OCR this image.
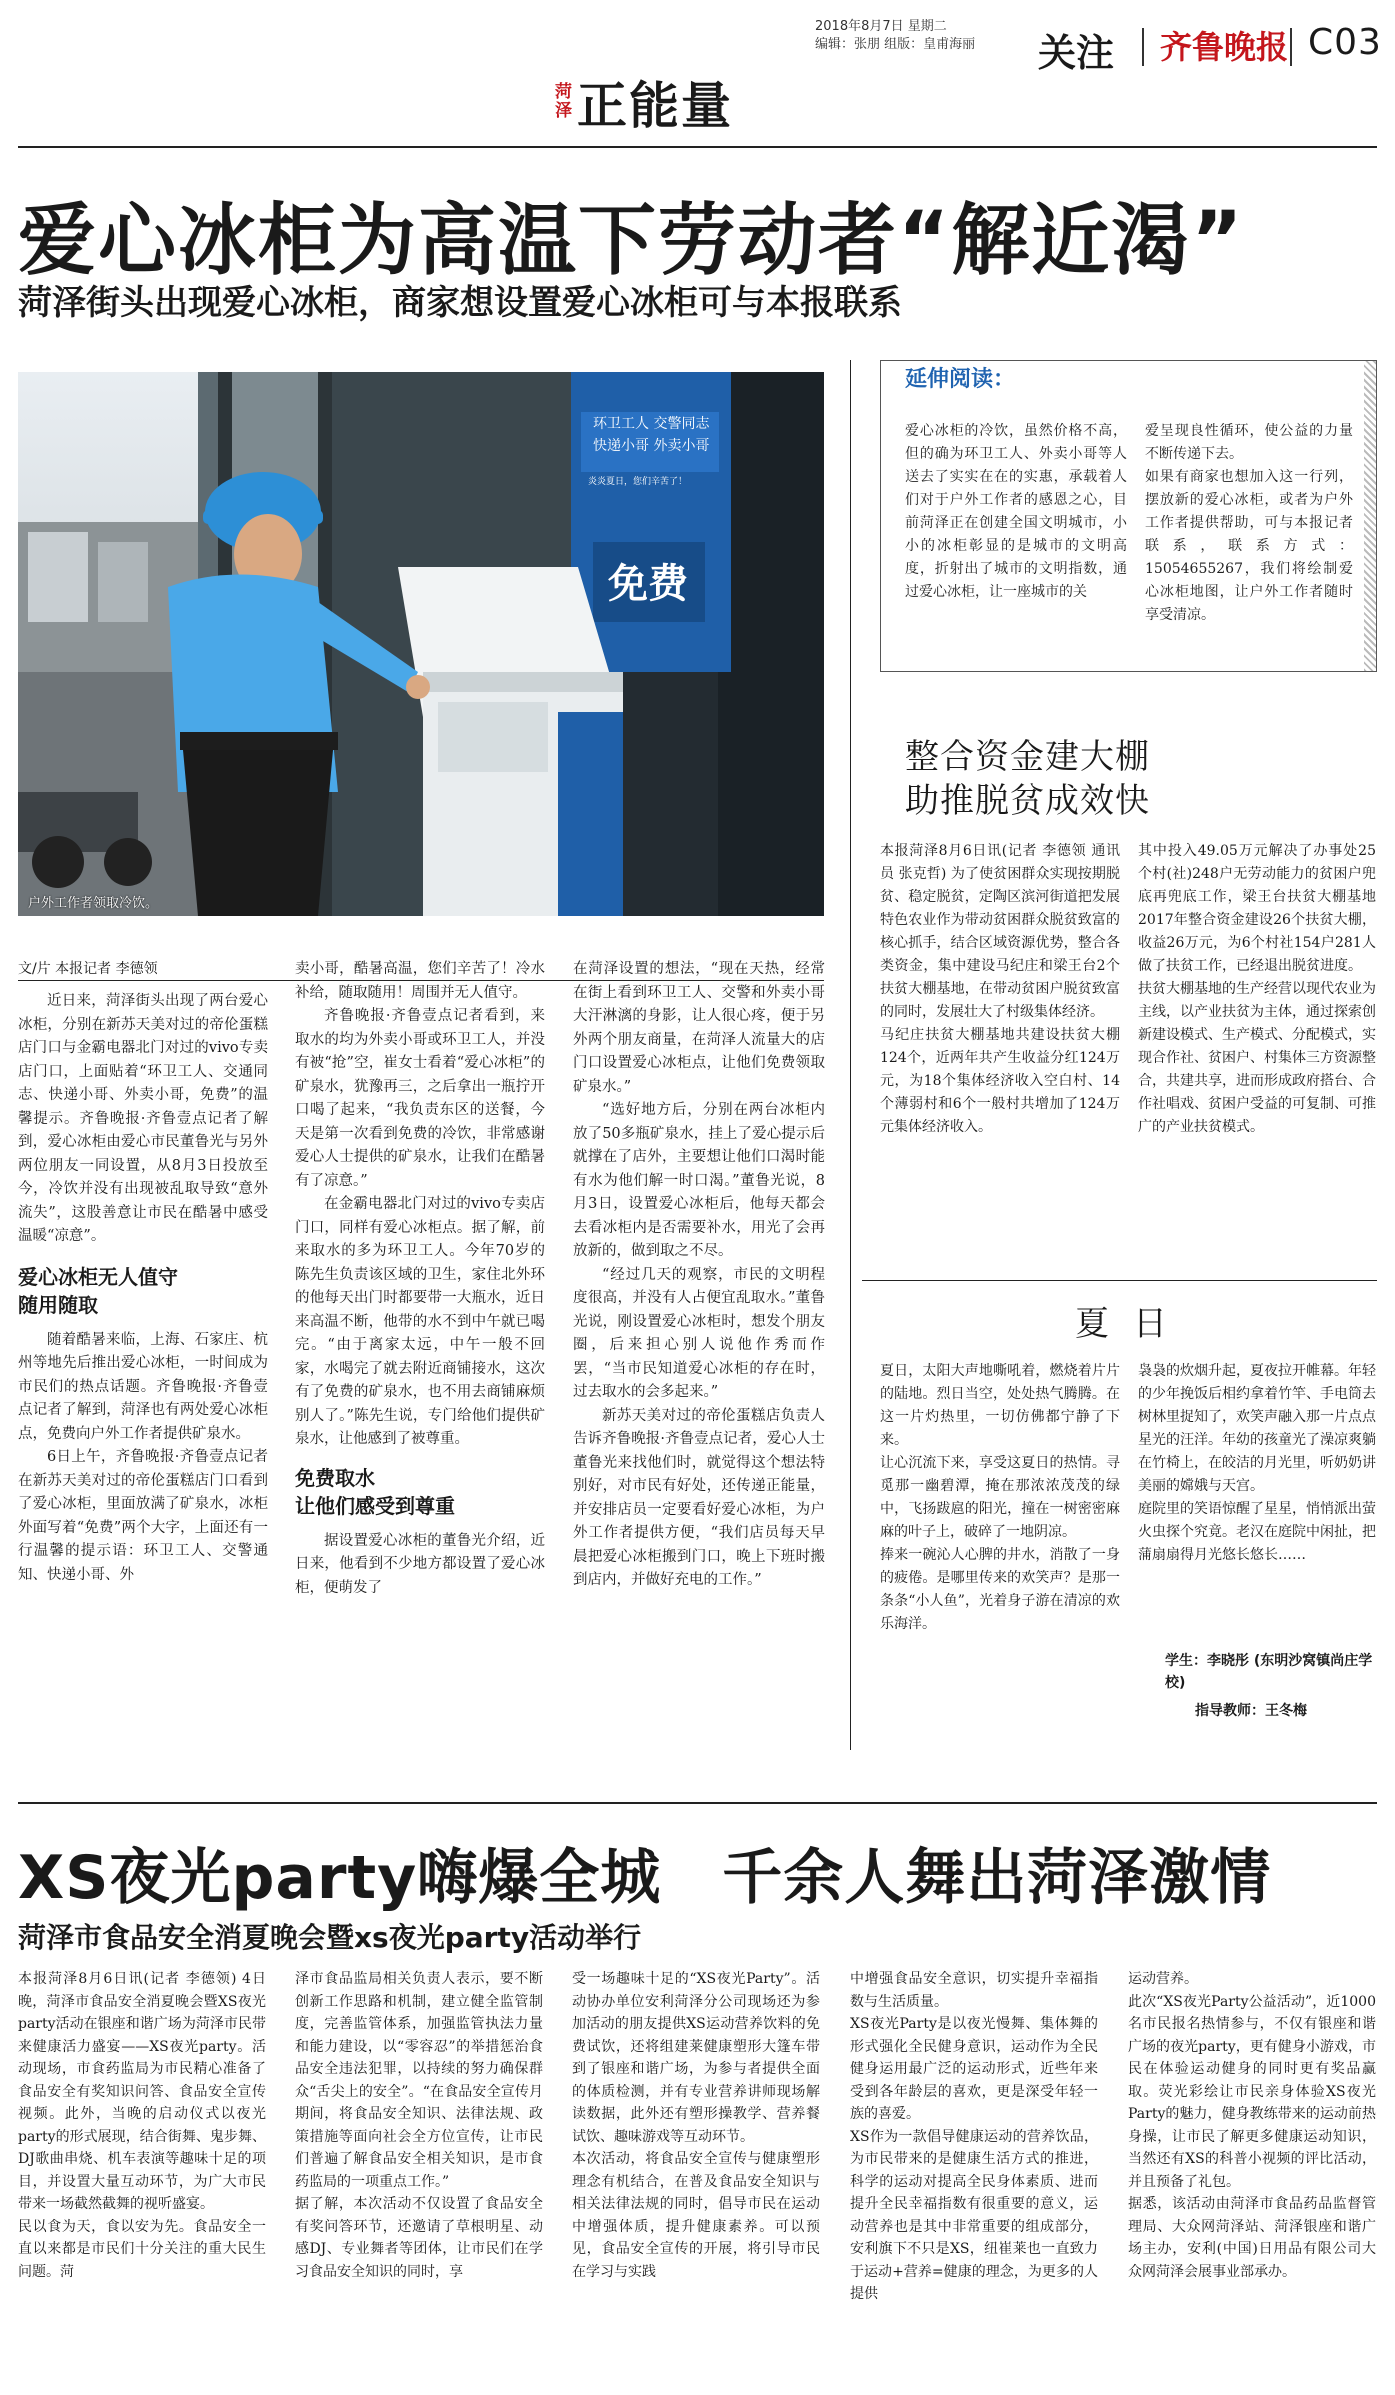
2018年8月7日 星期二
编辑：张朋 组版：皇甫海丽 关注 齐鲁晚报 C03
菏泽 正能量
爱心冰柜为高温下劳动者“解近渴”
菏泽街头出现爱心冰柜，商家想设置爱心冰柜可与本报联系
环卫工人 交警同志
快递小哥 外卖小哥
炎炎夏日，您们辛苦了！
免费
户外工作者领取冷饮。
文/片 本报记者 李德领

近日来，菏泽街头出现了两台爱心冰柜，分别在新苏天美对过的帝伦蛋糕店门口与金霸电器北门对过的vivo专卖店门口，上面贴着“环卫工人、交通同志、快递小哥、外卖小哥，免费”的温馨提示。齐鲁晚报·齐鲁壹点记者了解到，爱心冰柜由爱心市民董鲁光与另外两位朋友一同设置，从8月3日投放至今，冷饮并没有出现被乱取导致“意外流失”，这股善意让市民在酷暑中感受温暖“凉意”。

爱心冰柜无人值守
随用随取

随着酷暑来临，上海、石家庄、杭州等地先后推出爱心冰柜，一时间成为市民们的热点话题。齐鲁晚报·齐鲁壹点记者了解到，菏泽也有两处爱心冰柜点，免费向户外工作者提供矿泉水。

6日上午，齐鲁晚报·齐鲁壹点记者在新苏天美对过的帝伦蛋糕店门口看到了爱心冰柜，里面放满了矿泉水，冰柜外面写着“免费”两个大字，上面还有一行温馨的提示语：环卫工人、交警通知、快递小哥、外

卖小哥，酷暑高温，您们辛苦了！冷水补给，随取随用！周围并无人值守。

齐鲁晚报·齐鲁壹点记者看到，来取水的均为外卖小哥或环卫工人，并没有被“抢”空，崔女士看着“爱心冰柜”的矿泉水，犹豫再三，之后拿出一瓶拧开口喝了起来，“我负责东区的送餐，今天是第一次看到免费的冷饮，非常感谢爱心人士提供的矿泉水，让我们在酷暑有了凉意。”

在金霸电器北门对过的vivo专卖店门口，同样有爱心冰柜点。据了解，前来取水的多为环卫工人。今年70岁的陈先生负责该区域的卫生，家住北外环的他每天出门时都要带一大瓶水，近日来高温不断，他带的水不到中午就已喝完。“由于离家太远，中午一般不回家，水喝完了就去附近商铺接水，这次有了免费的矿泉水，也不用去商铺麻烦别人了。”陈先生说，专门给他们提供矿泉水，让他感到了被尊重。

免费取水
让他们感受到尊重

据设置爱心冰柜的董鲁光介绍，近日来，他看到不少地方都设置了爱心冰柜，便萌发了

在菏泽设置的想法，“现在天热，经常在街上看到环卫工人、交警和外卖小哥大汗淋漓的身影，让人很心疼，便于另外两个朋友商量，在菏泽人流量大的店门口设置爱心冰柜点，让他们免费领取矿泉水。”

“选好地方后，分别在两台冰柜内放了50多瓶矿泉水，挂上了爱心提示后就撑在了店外，主要想让他们口渴时能有水为他们解一时口渴。”董鲁光说，8月3日，设置爱心冰柜后，他每天都会去看冰柜内是否需要补水，用光了会再放新的，做到取之不尽。

“经过几天的观察，市民的文明程度很高，并没有人占便宜乱取水。”董鲁光说，刚设置爱心冰柜时，想发个朋友圈，后来担心别人说他作秀而作罢，“当市民知道爱心冰柜的存在时，过去取水的会多起来。”

新苏天美对过的帝伦蛋糕店负责人告诉齐鲁晚报·齐鲁壹点记者，爱心人士董鲁光来找他们时，就觉得这个想法特别好，对市民有好处，还传递正能量，并安排店员一定要看好爱心冰柜，为户外工作者提供方便，“我们店员每天早晨把爱心冰柜搬到门口，晚上下班时搬到店内，并做好充电的工作。”

延伸阅读：
爱心冰柜的冷饮，虽然价格不高，但的确为环卫工人、外卖小哥等人送去了实实在在的实惠，承载着人们对于户外工作者的感恩之心，目前菏泽正在创建全国文明城市，小小的冰柜彰显的是城市的文明高度，折射出了城市的文明指数，通过爱心冰柜，让一座城市的关
爱呈现良性循环，使公益的力量不断传递下去。
如果有商家也想加入这一行列，摆放新的爱心冰柜，或者为户外工作者提供帮助，可与本报记者联系，联系方式：15054655267，我们将绘制爱心冰柜地图，让户外工作者随时享受清凉。
整合资金建大棚
助推脱贫成效快
本报菏泽8月6日讯(记者 李德领 通讯员 张克哲) 为了使贫困群众实现按期脱贫、稳定脱贫，定陶区滨河街道把发展特色农业作为带动贫困群众脱贫致富的核心抓手，结合区域资源优势，整合各类资金，集中建设马纪庄和梁王台2个扶贫大棚基地，在带动贫困户脱贫致富的同时，发展壮大了村级集体经济。
马纪庄扶贫大棚基地共建设扶贫大棚124个，近两年共产生收益分红124万元，为18个集体经济收入空白村、14个薄弱村和6个一般村共增加了124万元集体经济收入。
其中投入49.05万元解决了办事处25个村(社)248户无劳动能力的贫困户兜底再兜底工作，梁王台扶贫大棚基地2017年整合资金建设26个扶贫大棚，收益26万元，为6个村社154户281人做了扶贫工作，已经退出脱贫进度。
扶贫大棚基地的生产经营以现代农业为主线，以产业扶贫为主体，通过探索创新建设模式、生产模式、分配模式，实现合作社、贫困户、村集体三方资源整合，共建共享，进而形成政府搭台、合作社唱戏、贫困户受益的可复制、可推广的产业扶贫模式。
夏日
夏日，太阳大声地嘶吼着，燃烧着片片的陆地。烈日当空，处处热气腾腾。在这一片灼热里，一切仿佛都宁静了下来。
让心沉流下来，享受这夏日的热情。寻觅那一幽碧潭，掩在那浓浓茂茂的绿中，飞扬跋扈的阳光，撞在一树密密麻麻的叶子上，破碎了一地阴凉。
捧来一碗沁人心脾的井水，消散了一身的疲倦。是哪里传来的欢笑声？是那一条条“小人鱼”，光着身子游在清凉的欢乐海洋。
袅袅的炊烟升起，夏夜拉开帷幕。年轻的少年挽饭后相约拿着竹竿、手电筒去树林里捉知了，欢笑声融入那一片点点星光的汪洋。年幼的孩童光了澡凉爽躺在竹椅上，在皎洁的月光里，听奶奶讲美丽的嫦娥与天宫。
庭院里的笑语惊醒了星星，悄悄派出萤火虫探个究竟。老汉在庭院中闲扯，把蒲扇扇得月光悠长悠长……
学生：李晓彤 (东明沙窝镇尚庄学校)
指导教师：王冬梅
XS夜光party嗨爆全城　千余人舞出菏泽激情
菏泽市食品安全消夏晚会暨xs夜光party活动举行
本报菏泽8月6日讯(记者 李德领) 4日晚，菏泽市食品安全消夏晚会暨XS夜光party活动在银座和谐广场为菏泽市民带来健康活力盛宴——XS夜光party。活动现场，市食药监局为市民精心准备了食品安全有奖知识问答、食品安全宣传视频。此外，当晚的启动仪式以夜光party的形式展现，结合街舞、鬼步舞、DJ歌曲串烧、机车表演等趣味十足的项目，并设置大量互动环节，为广大市民带来一场截然截舞的视听盛宴。
民以食为天，食以安为先。食品安全一直以来都是市民们十分关注的重大民生问题。菏
泽市食品监局相关负责人表示，要不断创新工作思路和机制，建立健全监管制度，完善监管体系，加强监管执法力量和能力建设，以“零容忍”的举措惩治食品安全违法犯罪，以持续的努力确保群众“舌尖上的安全”。“在食品安全宣传月期间，将食品安全知识、法律法规、政策措施等面向社会全方位宣传，让市民们普遍了解食品安全相关知识，是市食药监局的一项重点工作。”
据了解，本次活动不仅设置了食品安全有奖问答环节，还邀请了草根明星、动感DJ、专业舞者等团体，让市民们在学习食品安全知识的同时，享
受一场趣味十足的“XS夜光Party”。活动协办单位安利菏泽分公司现场还为参加活动的朋友提供XS运动营养饮料的免费试饮，还将组建莱健康塑形大篷车带到了银座和谐广场，为参与者提供全面的体质检测，并有专业营养讲师现场解读数据，此外还有塑形操教学、营养餐试饮、趣味游戏等互动环节。
本次活动，将食品安全宣传与健康塑形理念有机结合，在普及食品安全知识与相关法律法规的同时，倡导市民在运动中增强体质，提升健康素养。可以预见，食品安全宣传的开展，将引导市民在学习与实践
中增强食品安全意识，切实提升幸福指数与生活质量。
XS夜光Party是以夜光慢舞、集体舞的形式强化全民健身意识，运动作为全民健身运用最广泛的运动形式，近些年来受到各年龄层的喜欢，更是深受年轻一族的喜爱。
XS作为一款倡导健康运动的营养饮品，为市民带来的是健康生活方式的推进，科学的运动对提高全民身体素质、进而提升全民幸福指数有很重要的意义，运动营养也是其中非常重要的组成部分，安利旗下不只是XS，纽崔莱也一直致力于运动+营养=健康的理念，为更多的人提供
运动营养。
此次“XS夜光Party公益活动”，近1000名市民报名热情参与，不仅有银座和谐广场的夜光party，更有健身小游戏，市民在体验运动健身的同时更有奖品赢取。荧光彩绘让市民亲身体验XS夜光Party的魅力，健身教练带来的运动前热身操，让市民了解更多健康运动知识，当然还有XS的科普小视频的评比活动，并且预备了礼包。
据悉，该活动由菏泽市食品药品监督管理局、大众网菏泽站、菏泽银座和谐广场主办，安利(中国)日用品有限公司大众网菏泽会展事业部承办。
